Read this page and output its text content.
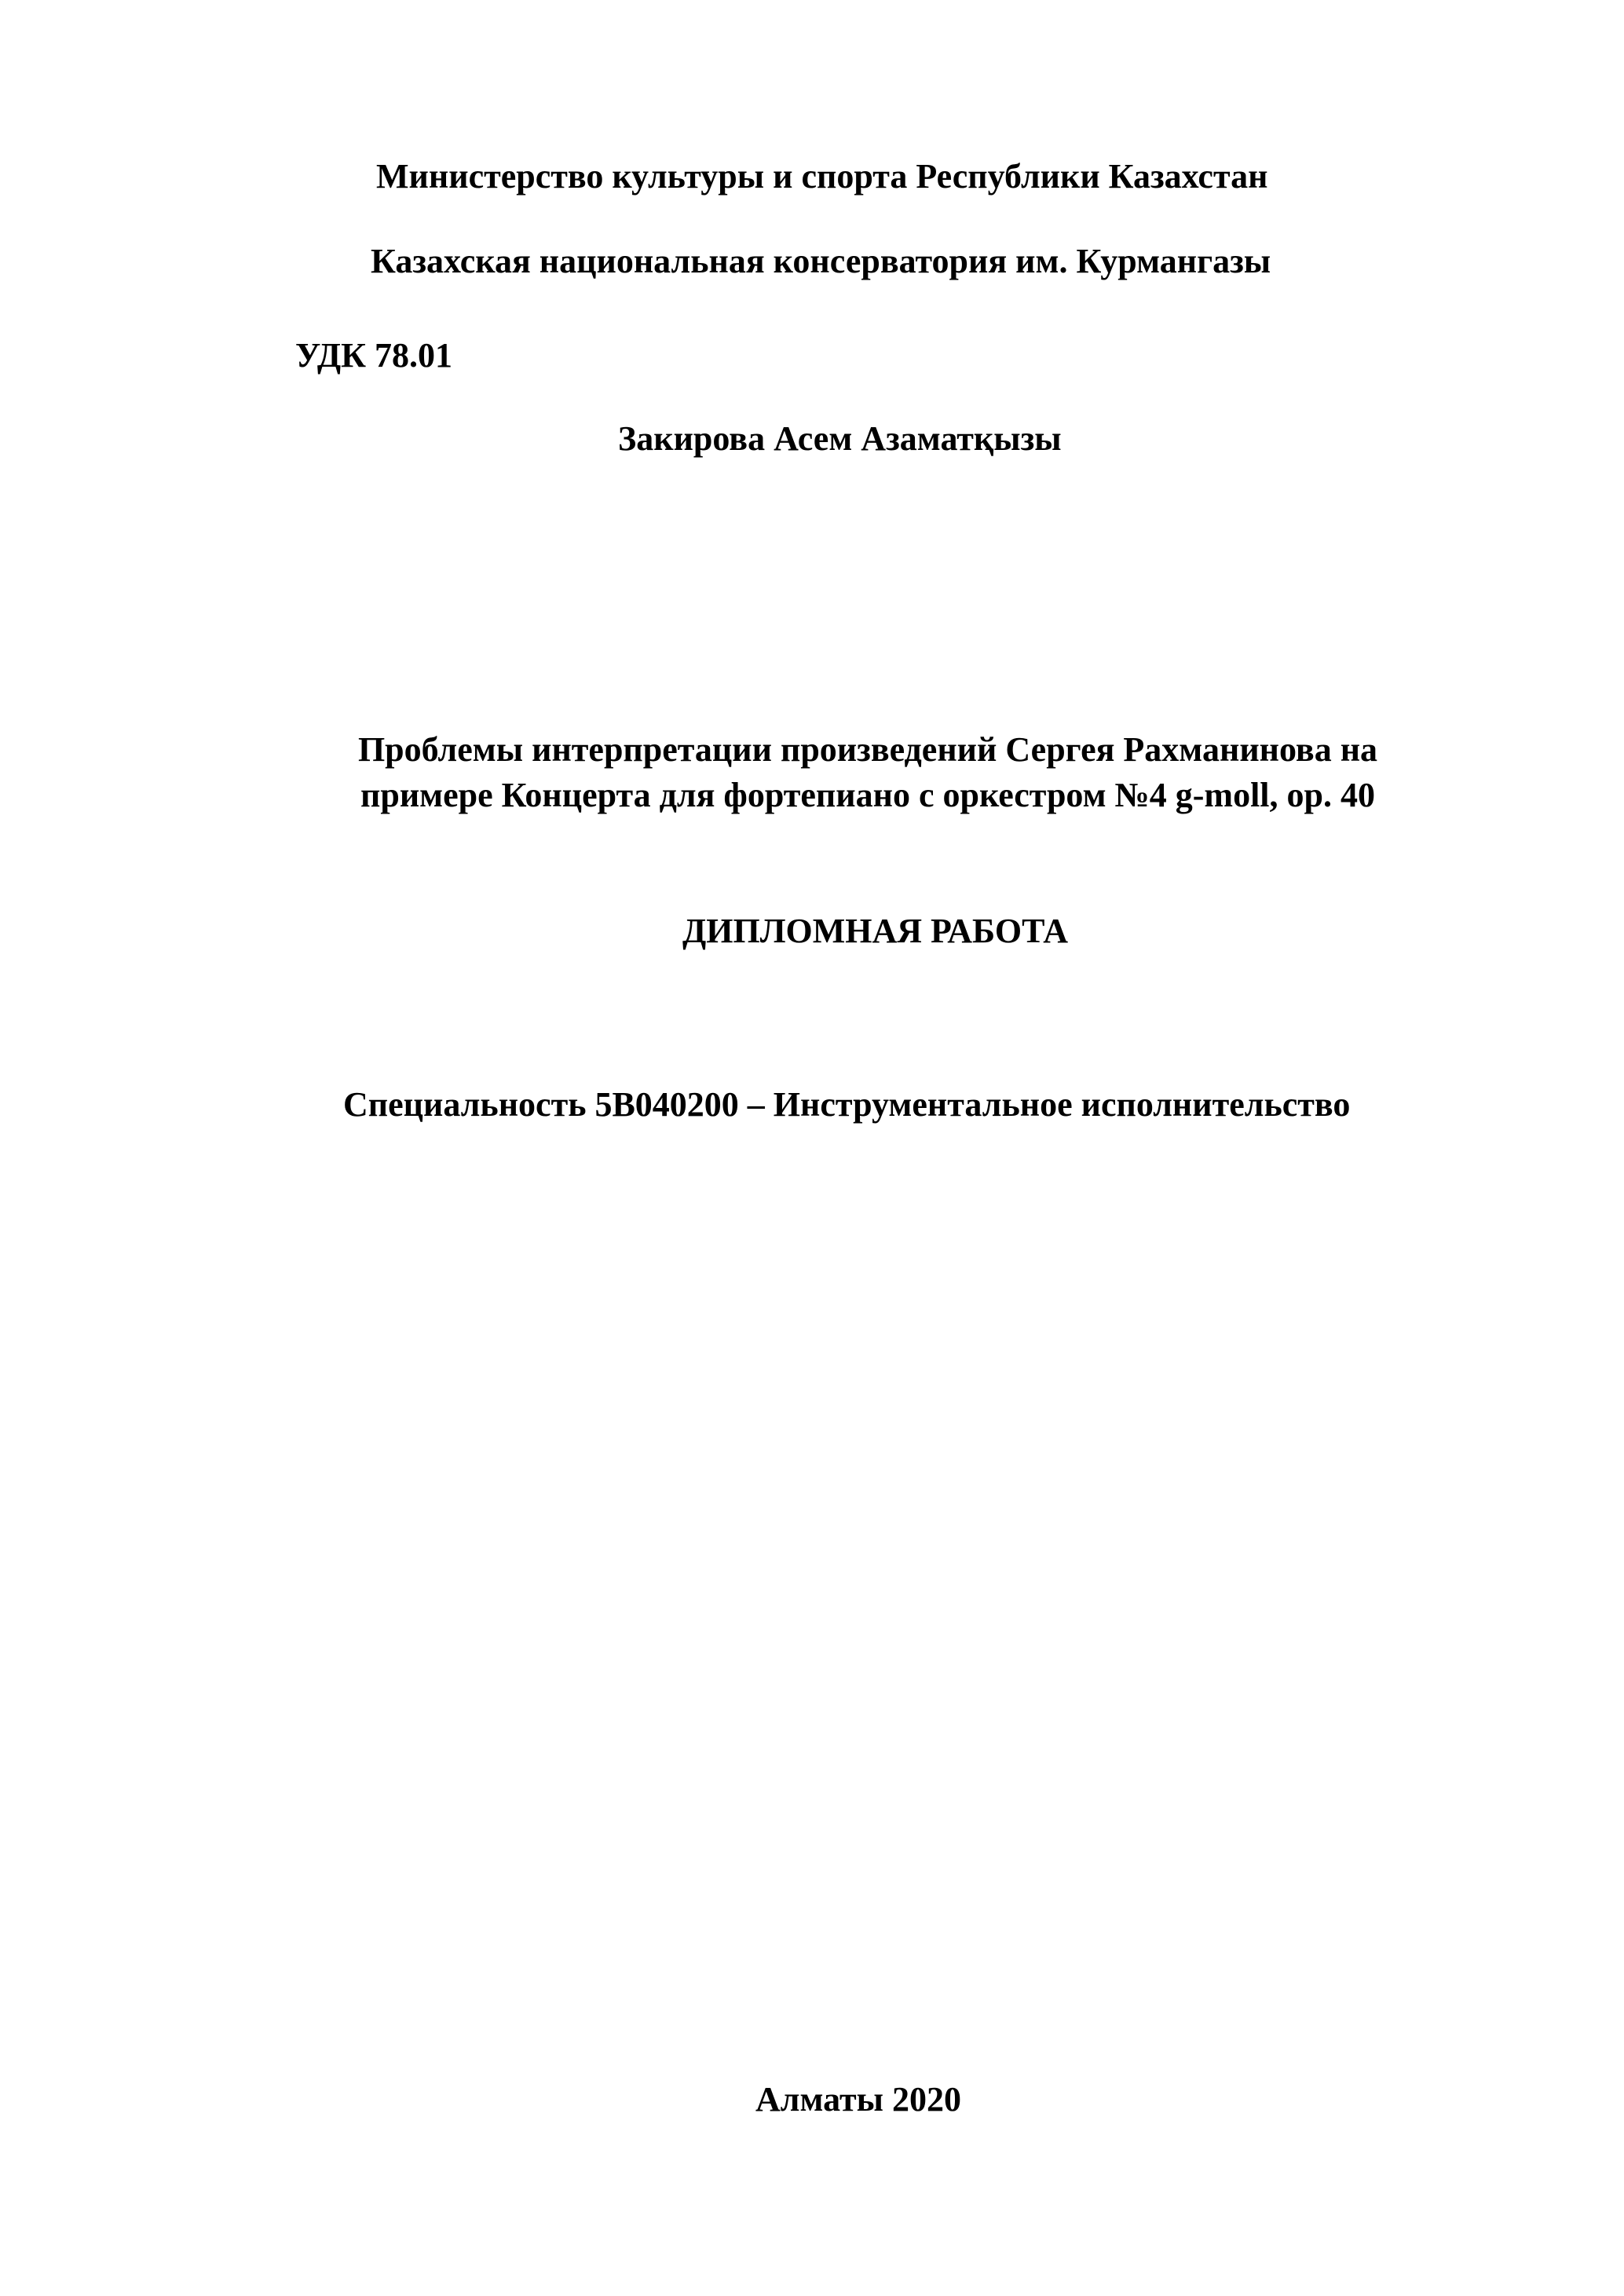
Министерство культуры и спорта Республики Казахстан

Казахская национальная консерватория им. Курмангазы

УДК 78.01

Закирова Асем Азаматқызы

Проблемы интерпретации произведений Сергея Рахманинова на
примере Концерта для фортепиано с оркестром №4 g-moll, op. 40

ДИПЛОМНАЯ РАБОТА

Специальность 5В040200 – Инструментальное исполнительство

Алматы 2020
